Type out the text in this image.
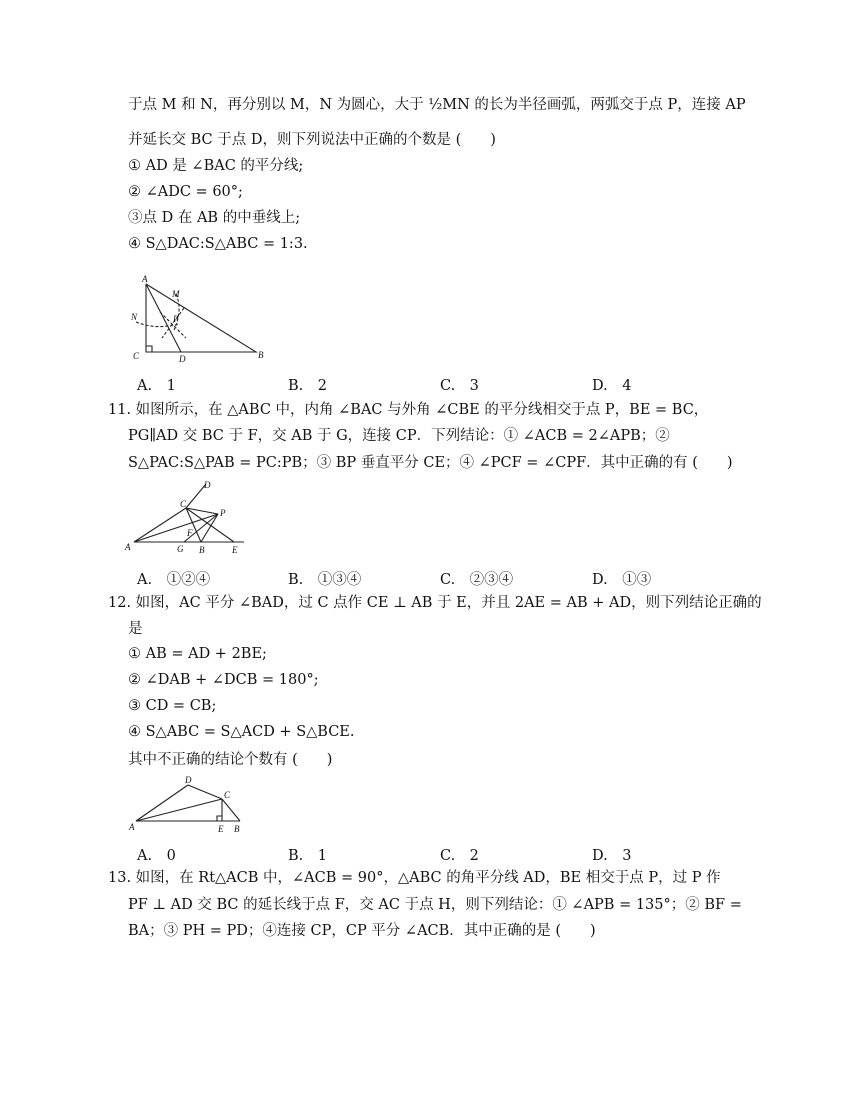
于点 M 和 N，再分别以 M，N 为圆心，大于 ½MN 的长为半径画弧，两弧交于点 P，连接 AP
并延长交 BC 于点 D，则下列说法中正确的个数是 (　　)
① AD 是 ∠BAC 的平分线;
② ∠ADC = 60°;
③点 D 在 AB 的中垂线上;
④ S△DAC:S△ABC = 1:3.
A
M
N	P
C	D	B
A.　1	B.　2	C.　3	D.　4
11. 如图所示，在 △ABC 中，内角 ∠BAC 与外角 ∠CBE 的平分线相交于点 P，BE = BC，
PG∥AD 交 BC 于 F，交 AB 于 G，连接 CP．下列结论：① ∠ACB = 2∠APB；②
S△PAC:S△PAB = PC:PB；③ BP 垂直平分 CE；④ ∠PCF = ∠CPF．其中正确的有 (　　)
A
C
D
P
F
G B	E
A.　①②④	B.　①③④	C.　②③④	D.　①③
12. 如图，AC 平分 ∠BAD，过 C 点作 CE ⊥ AB 于 E，并且 2AE = AB + AD，则下列结论正确的
是
① AB = AD + 2BE;
② ∠DAB + ∠DCB = 180°;
③ CD = CB;
④ S△ABC = S△ACD + S△BCE.
其中不正确的结论个数有 (　　)
A
D
C
E B
A.　0	B.　1	C.　2	D.　3
13. 如图，在 Rt△ACB 中，∠ACB = 90°，△ABC 的角平分线 AD，BE 相交于点 P，过 P 作
PF ⊥ AD 交 BC 的延长线于点 F，交 AC 于点 H，则下列结论：① ∠APB = 135°；② BF =
BA；③ PH = PD；④连接 CP，CP 平分 ∠ACB．其中正确的是 (　　)
